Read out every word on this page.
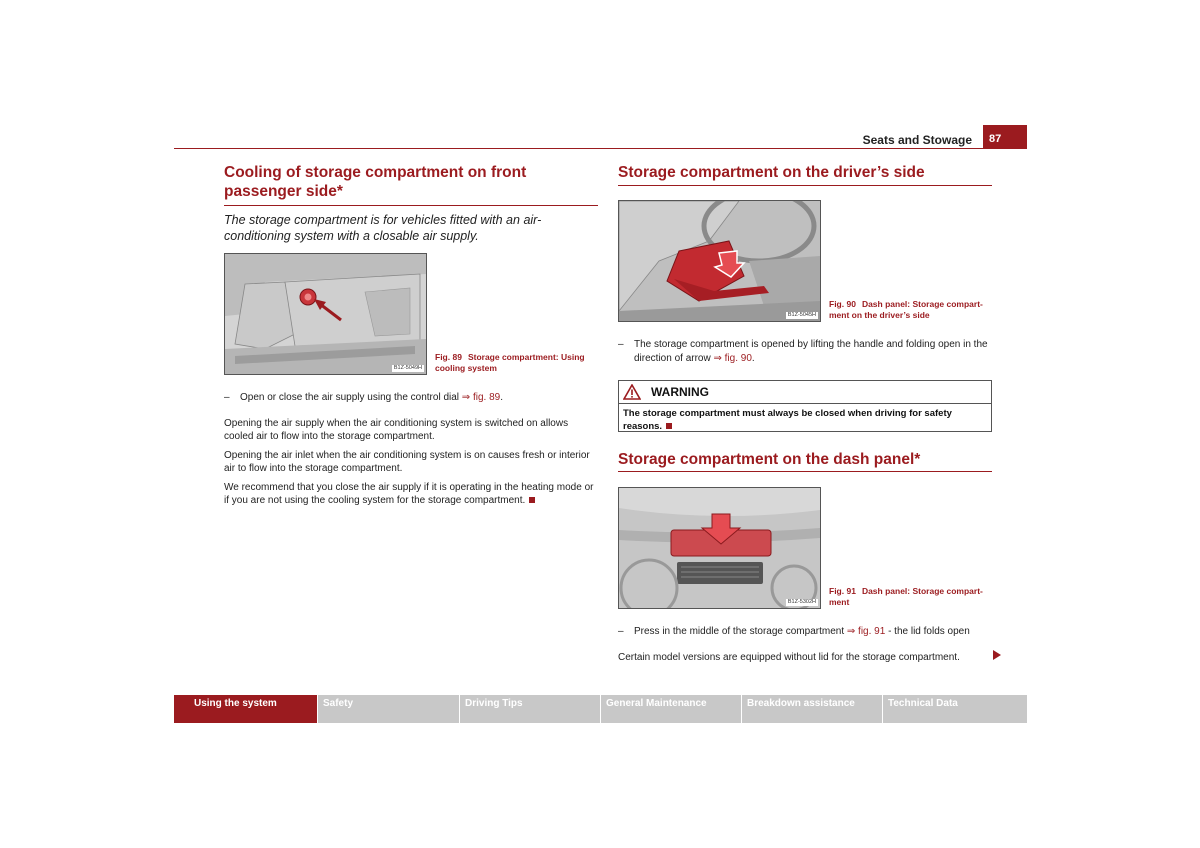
Seats and Stowage	87
Cooling of storage compartment on front passenger side*

The storage compartment is for vehicles fitted with an air-conditioning system with a closable air supply.

B1Z-5049H
Fig. 89 Storage compartment: Using cooling system

– Open or close the air supply using the control dial ⇒ fig. 89.

Opening the air supply when the air conditioning system is switched on allows cooled air to flow into the storage compartment.

Opening the air inlet when the air conditioning system is on causes fresh or interior air to flow into the storage compartment.

We recommend that you close the air supply if it is operating in the heating mode or if you are not using the cooling system for the storage compartment.

Storage compartment on the driver’s side
B1Z-5045H
Fig. 90 Dash panel: Storage compart-ment on the driver’s side

–	The storage compartment is opened by lifting the handle and folding open in the direction of arrow ⇒ fig. 90.

WARNING
The storage compartment must always be closed when driving for safety reasons.
Storage compartment on the dash panel*
B1Z-5302H
Fig. 91 Dash panel: Storage compart-ment

– Press in the middle of the storage compartment ⇒ fig. 91 - the lid folds open

Certain model versions are equipped without lid for the storage compartment.

Using the system	Safety	Driving Tips	General Maintenance	Breakdown assistance	Technical Data
